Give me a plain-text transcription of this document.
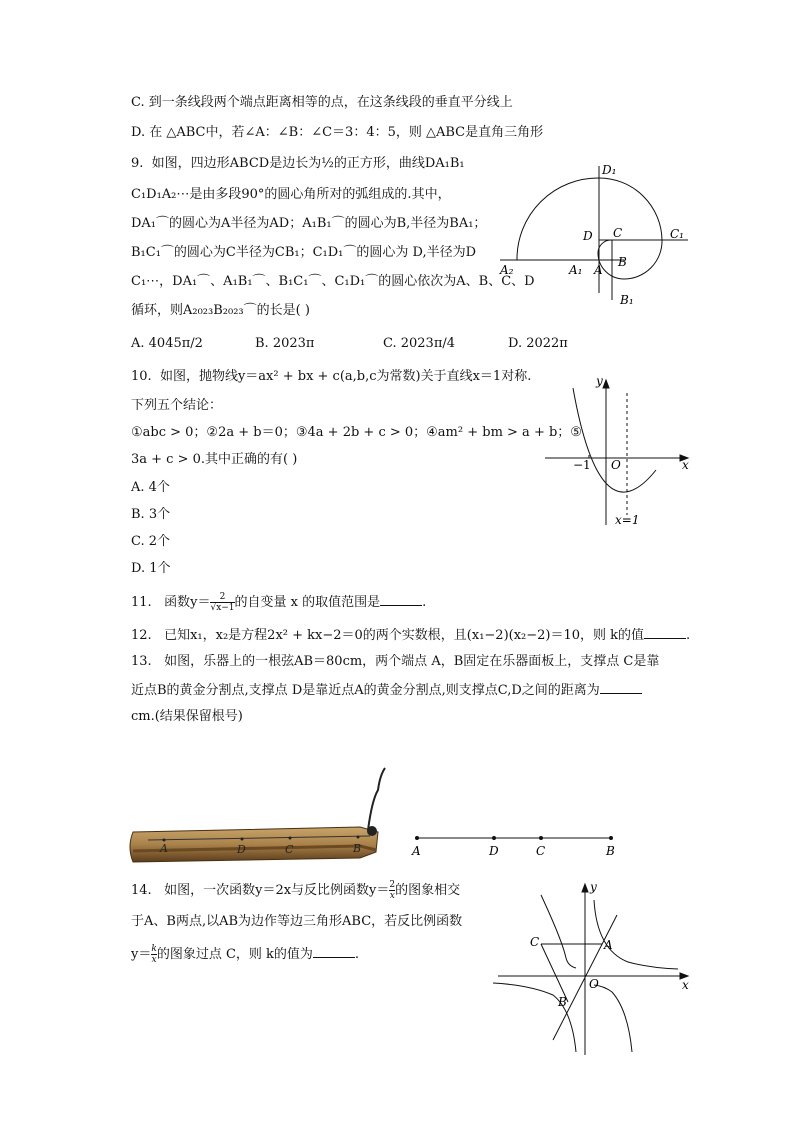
C. 到一条线段两个端点距离相等的点，在这条线段的垂直平分线上
D. 在 △ABC中，若∠A：∠B：∠C＝3：4：5，则 △ABC是直角三角形
9. 如图，四边形ABCD是边长为½的正方形，曲线DA₁B₁
C₁D₁A₂⋯是由多段90°的圆心角所对的弧组成的.其中，
DA₁⌒的圆心为A半径为AD；A₁B₁⌒的圆心为B,半径为BA₁；
B₁C₁⌒的圆心为C半径为CB₁；C₁D₁⌒的圆心为 D,半径为D
C₁⋯，DA₁⌒、A₁B₁⌒、B₁C₁⌒、C₁D₁⌒的圆心依次为A、B、C、D
循环，则A₂₀₂₃B₂₀₂₃⌒的长是( )
A. 4045π/2	B. 2023π	C. 2023π/4	D. 2022π
D₁
C₁
D C
A₂	A₁ A
B
B₁
10. 如图，抛物线y＝ax² + bx + c(a,b,c为常数)关于直线x＝1对称.
下列五个结论：
①abc > 0；②2a + b＝0；③4a + 2b + c > 0；④am² + bm > a + b；⑤
3a + c > 0.其中正确的有( )
A. 4个
B. 3个
C. 2个
D. 1个
y
x
O
−1
x=1
11. 函数$y= \frac{2}{√x-1}$ 的自变量 x 的取值范围是	.
12. 已知x₁，x₂是方程2x² + kx−2＝0的两个实数根，且(x₁−2)(x₂−2)＝10，则 k的值	.
13. 如图，乐器上的一根弦AB＝80cm，两个端点 A，B固定在乐器面板上，支撑点 C是靠
近点B的黄金分割点,支撑点 D是靠近点A的黄金分割点,则支撑点C,D之间的距离为
cm.(结果保留根号)
A	D	C	B	A	D	C	B
14. 如图，一次函数y＝2x与反比例函数$y= \frac{2}{x}$ 的图象相交
于A、B两点,以AB为边作等边三角形ABC，若反比例函数
$y= \frac{k}{x}$ 的图象过点 C，则 k的值为	.
y
x
O
A
B
C
